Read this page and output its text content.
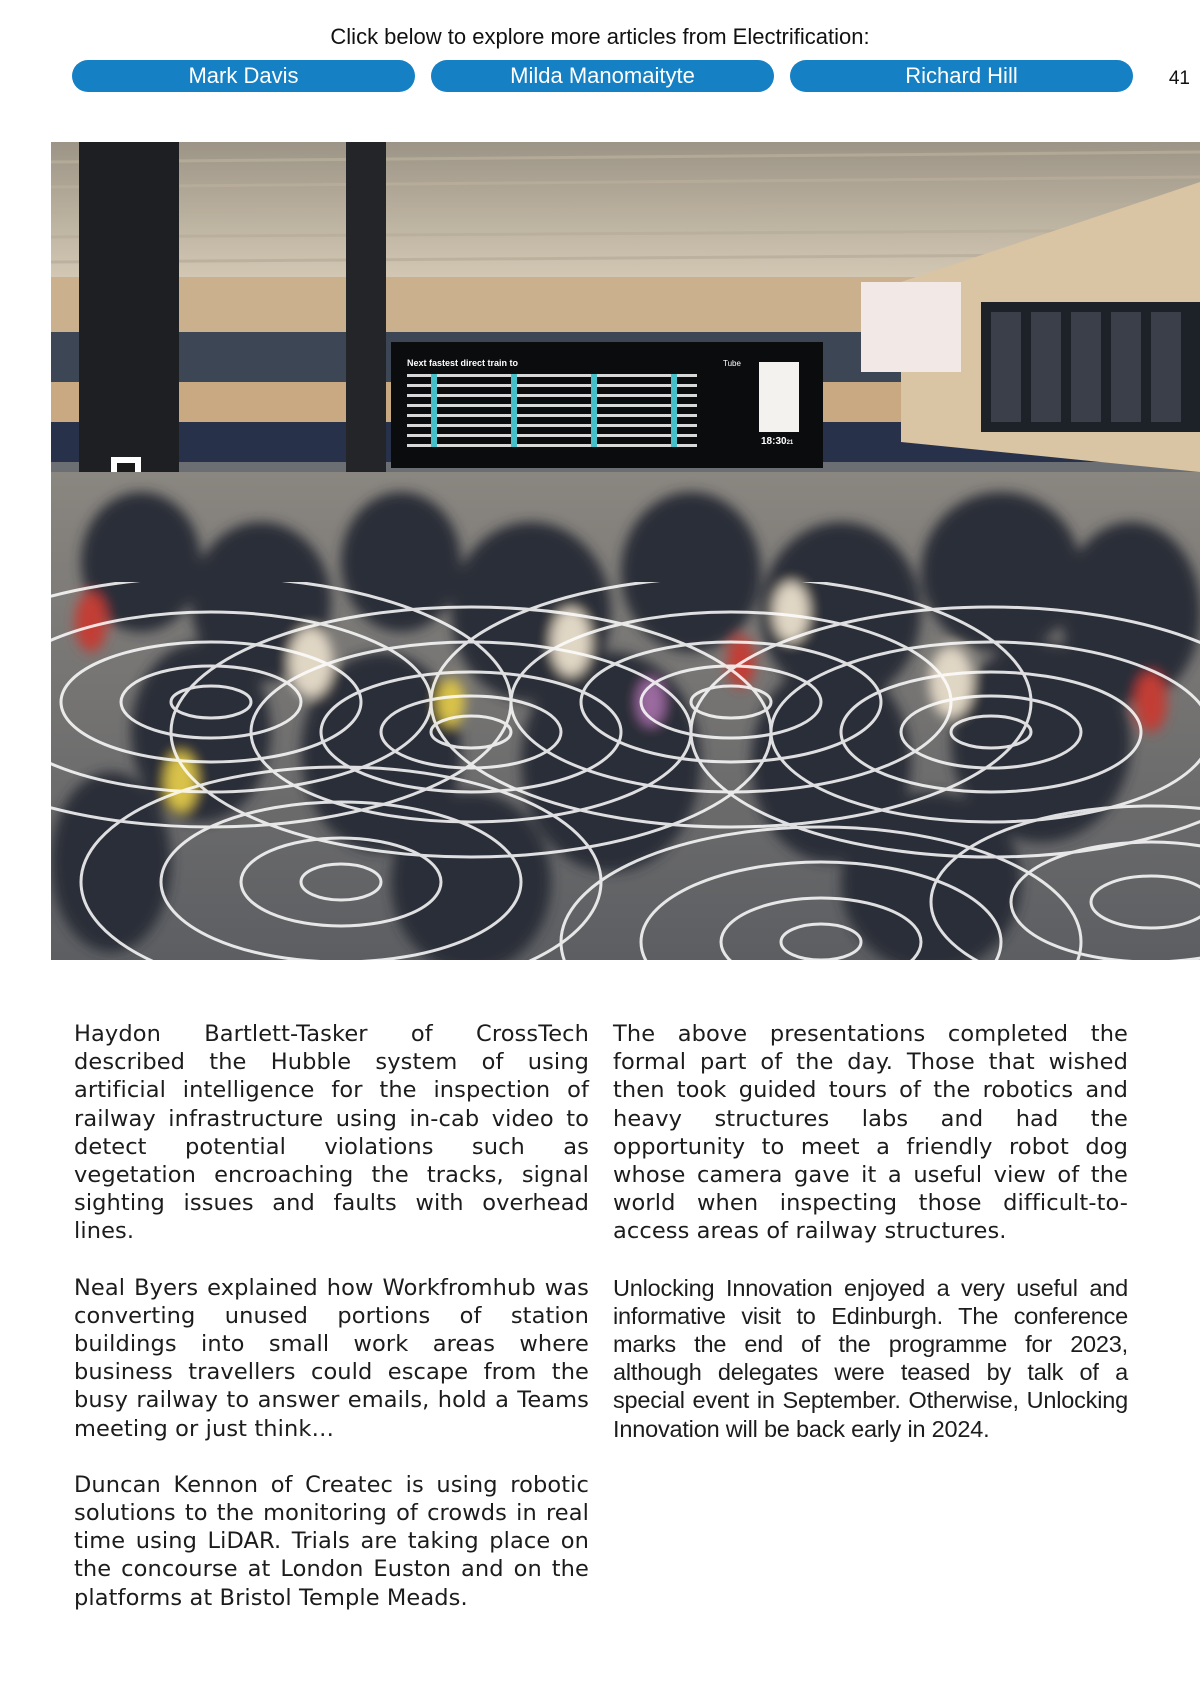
Click below to explore more articles from Electrification:
Mark Davis	Milda Manomaityte	Richard Hill	41
Next fastest direct train to	Tube
18:3021

Haydon Bartlett-Tasker of CrossTech described the Hubble system of using artificial intelligence for the inspection of railway infrastructure using in-cab video to detect potential violations such as vegetation encroaching the tracks, signal sighting issues and faults with overhead lines.

Neal Byers explained how Workfromhub was converting unused portions of station buildings into small work areas where business travellers could escape from the busy railway to answer emails, hold a Teams meeting or just think…

Duncan Kennon of Createc is using robotic solutions to the monitoring of crowds in real time using LiDAR. Trials are taking place on the concourse at London Euston and on the platforms at Bristol Temple Meads.

The above presentations completed the formal part of the day. Those that wished then took guided tours of the robotics and heavy structures labs and had the opportunity to meet a friendly robot dog whose camera gave it a useful view of the world when inspecting those difficult-to-access areas of railway structures.

Unlocking Innovation enjoyed a very useful and informative visit to Edinburgh. The conference marks the end of the programme for 2023, although delegates were teased by talk of a special event in September. Otherwise, Unlocking Innovation will be back early in 2024.
